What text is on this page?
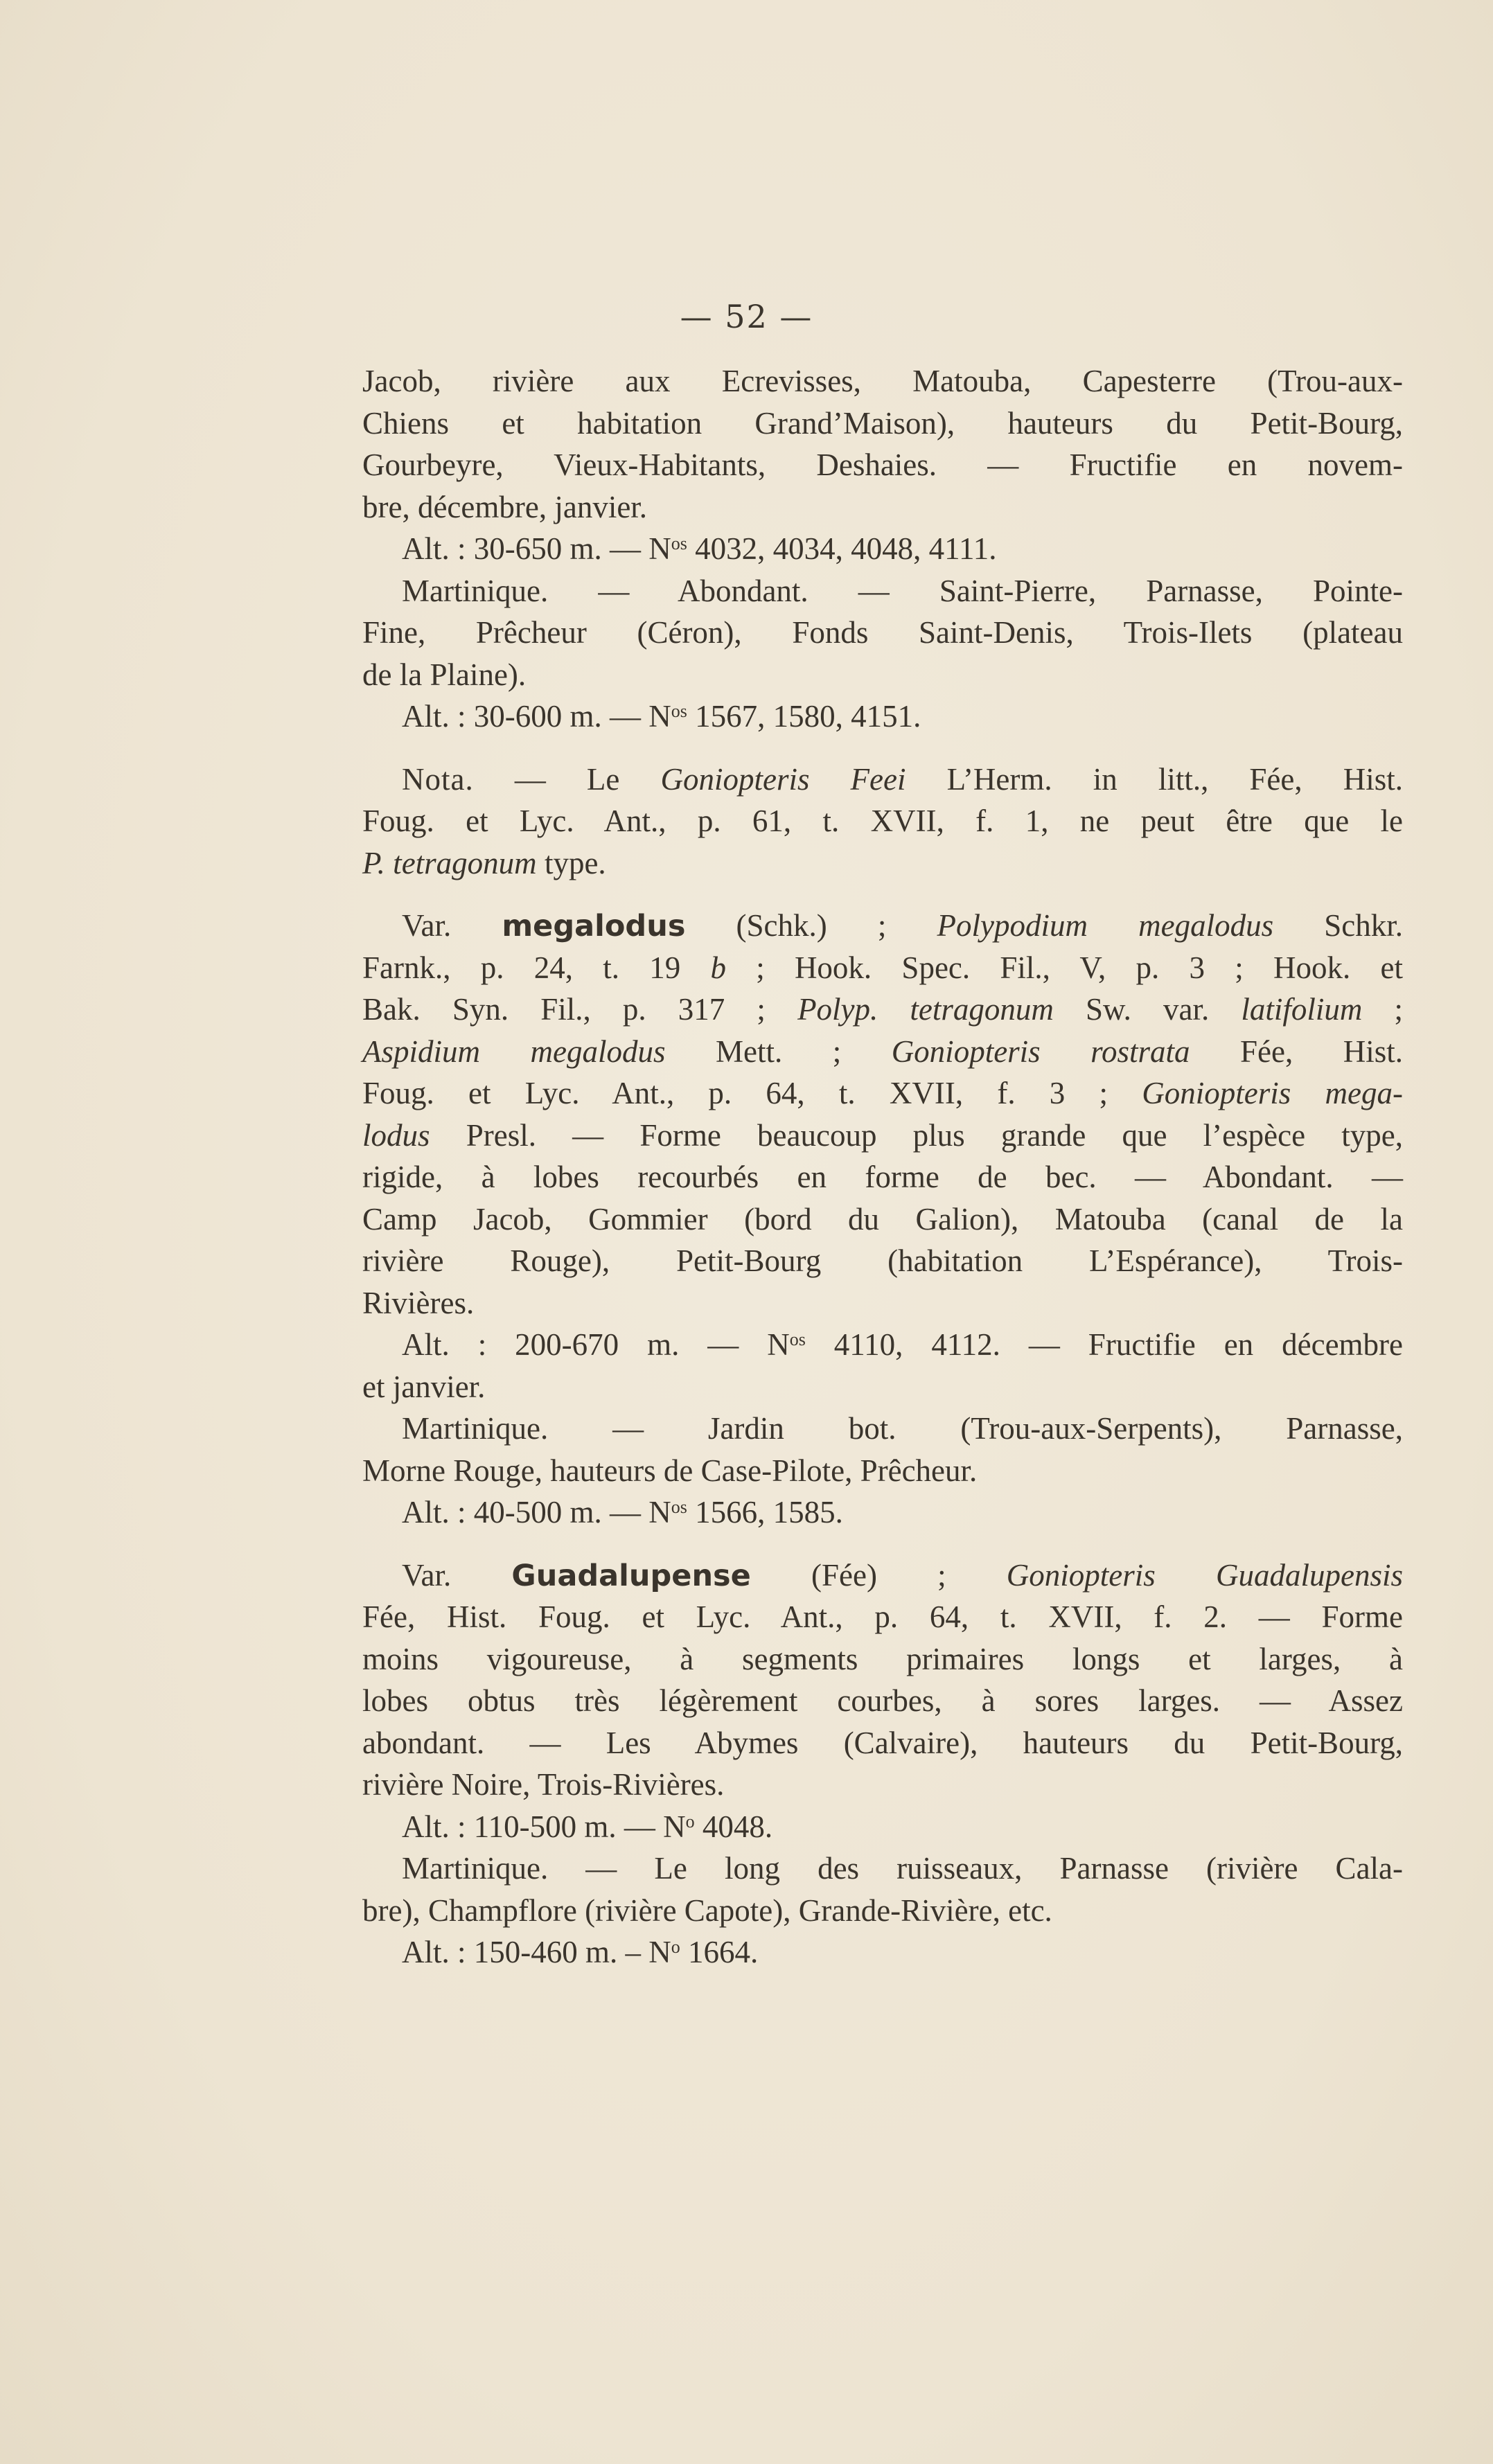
— 52 —
Jacob, rivière aux Ecrevisses, Matouba, Capesterre (Trou-aux-
Chiens et habitation Grand’Maison), hauteurs du Petit-Bourg,
Gourbeyre, Vieux-Habitants, Deshaies. — Fructifie en novem-
bre, décembre, janvier.
Alt. : 30-650 m. — $N^{os}$ 4032, 4034, 4048, 4111.
Martinique. — Abondant. — Saint-Pierre, Parnasse, Pointe-
Fine, Prêcheur (Céron), Fonds Saint-Denis, Trois-Ilets (plateau
de la Plaine).
Alt. : 30-600 m. — $N^{os}$ 1567, 1580, 4151.
Nota. — Le Goniopteris Feei L’Herm. in litt., Fée, Hist.
Foug. et Lyc. Ant., p. 61, t. XVII, f. 1, ne peut être que le
P. tetragonum type.
Var. megalodus (Schk.) ; Polypodium megalodus Schkr.
Farnk., p. 24, t. 19 b ; Hook. Spec. Fil., V, p. 3 ; Hook. et
Bak. Syn. Fil., p. 317 ; Polyp. tetragonum Sw. var. latifolium ;
Aspidium megalodus Mett. ; Goniopteris rostrata Fée, Hist.
Foug. et Lyc. Ant., p. 64, t. XVII, f. 3 ; Goniopteris mega-
lodus Presl. — Forme beaucoup plus grande que l’espèce type,
rigide, à lobes recourbés en forme de bec. — Abondant. —
Camp Jacob, Gommier (bord du Galion), Matouba (canal de la
rivière Rouge), Petit-Bourg (habitation L’Espérance), Trois-
Rivières.
Alt. : 200-670 m. — $N^{os}$ 4110, 4112. — Fructifie en décembre
et janvier.
Martinique. — Jardin bot. (Trou-aux-Serpents), Parnasse,
Morne Rouge, hauteurs de Case-Pilote, Prêcheur.
Alt. : 40-500 m. — $N^{os}$ 1566, 1585.
Var. Guadalupense (Fée) ; Goniopteris Guadalupensis
Fée, Hist. Foug. et Lyc. Ant., p. 64, t. XVII, f. 2. — Forme
moins vigoureuse, à segments primaires longs et larges, à
lobes obtus très légèrement courbes, à sores larges. — Assez
abondant. — Les Abymes (Calvaire), hauteurs du Petit-Bourg,
rivière Noire, Trois-Rivières.
Alt. : 110-500 m. — $N^o$ 4048.
Martinique. — Le long des ruisseaux, Parnasse (rivière Cala-
bre), Champflore (rivière Capote), Grande-Rivière, etc.
Alt. : 150-460 m. – $N^o$ 1664.
